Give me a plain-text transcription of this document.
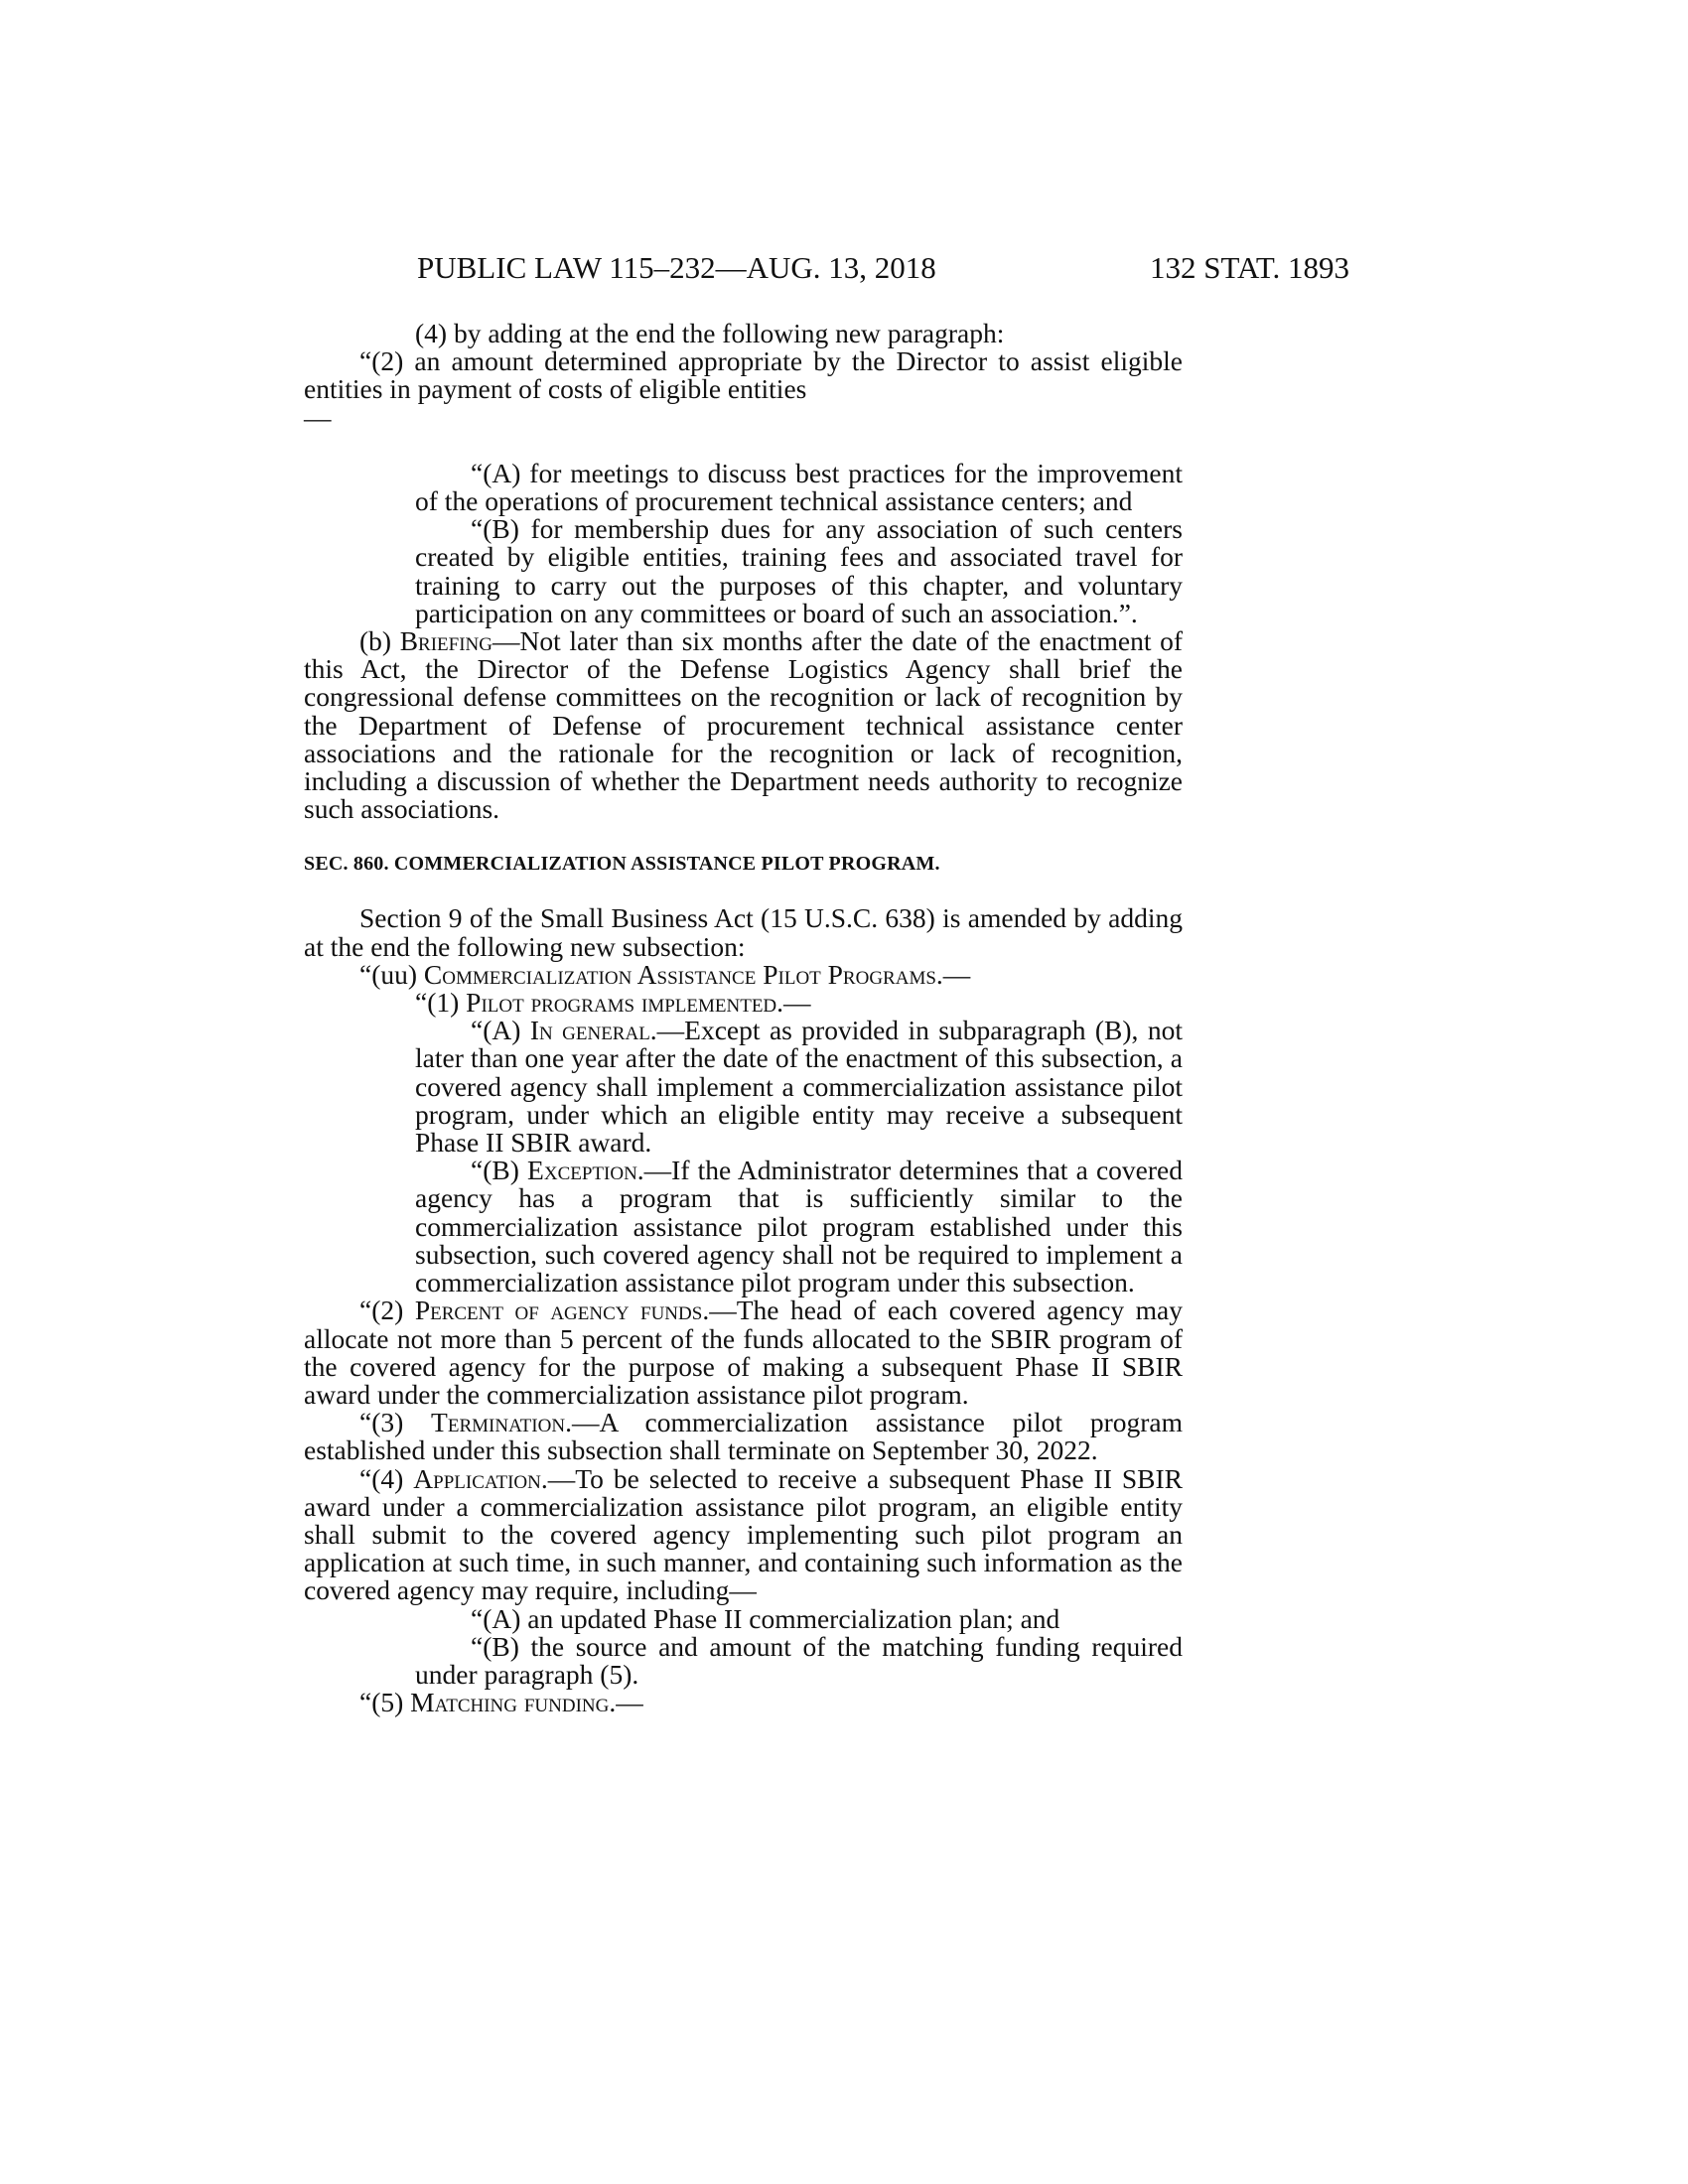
PUBLIC LAW 115–232—AUG. 13, 2018	132 STAT. 1893

(4) by adding at the end the following new paragraph:

“(2) an amount determined appropriate by the Director to assist eligible entities in payment of costs of eligible entities

—

“(A) for meetings to discuss best practices for the improvement of the operations of procurement technical assistance centers; and

“(B) for membership dues for any association of such centers created by eligible entities, training fees and associated travel for training to carry out the purposes of this chapter, and voluntary participation on any committees or board of such an association.”.

(b) Briefing—Not later than six months after the date of the enactment of this Act, the Director of the Defense Logistics Agency shall brief the congressional defense committees on the recognition or lack of recognition by the Department of Defense of procurement technical assistance center associations and the rationale for the recognition or lack of recognition, including a discussion of whether the Department needs authority to recognize such associations.

SEC. 860. COMMERCIALIZATION ASSISTANCE PILOT PROGRAM.

Section 9 of the Small Business Act (15 U.S.C. 638) is amended by adding at the end the following new subsection:

“(uu) Commercialization Assistance Pilot Programs.—

“(1) Pilot programs implemented.—

“(A) In general.—Except as provided in subparagraph (B), not later than one year after the date of the enactment of this subsection, a covered agency shall implement a commercialization assistance pilot program, under which an eligible entity may receive a subsequent Phase II SBIR award.

“(B) Exception.—If the Administrator determines that a covered agency has a program that is sufficiently similar to the commercialization assistance pilot program established under this subsection, such covered agency shall not be required to implement a commercialization assistance pilot program under this subsection.

“(2) Percent of agency funds.—The head of each covered agency may allocate not more than 5 percent of the funds allocated to the SBIR program of the covered agency for the purpose of making a subsequent Phase II SBIR award under the commercialization assistance pilot program.

“(3) Termination.—A commercialization assistance pilot program established under this subsection shall terminate on September 30, 2022.

“(4) Application.—To be selected to receive a subsequent Phase II SBIR award under a commercialization assistance pilot program, an eligible entity shall submit to the covered agency implementing such pilot program an application at such time, in such manner, and containing such information as the covered agency may require, including—

“(A) an updated Phase II commercialization plan; and

“(B) the source and amount of the matching funding required under paragraph (5).

“(5) Matching funding.—
